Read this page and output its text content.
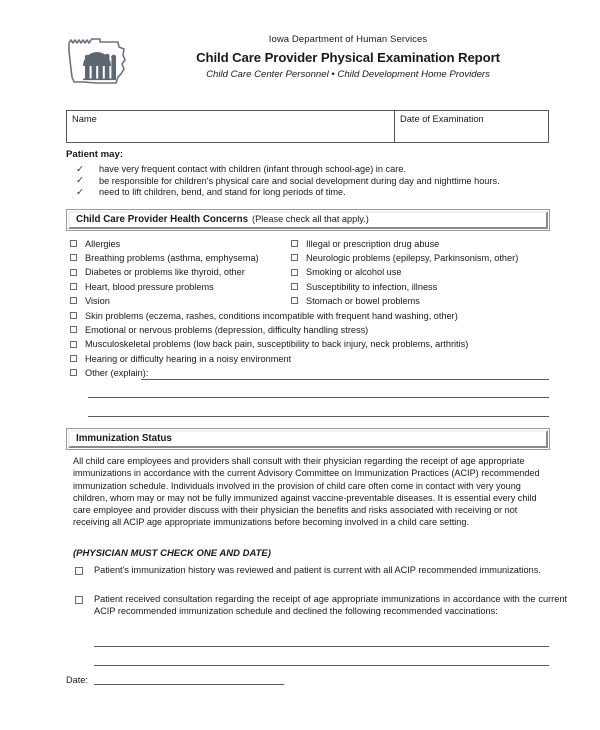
Iowa Department of Human Services
Child Care Provider Physical Examination Report
Child Care Center Personnel • Child Development Home Providers
Name	Date of Examination
Patient may:
✓ have very frequent contact with children (infant through school-age) in care.
✓ be responsible for children's physical care and social development during day and nighttime hours.
✓ need to lift children, bend, and stand for long periods of time.
Child Care Provider Health Concerns (Please check all that apply.)
Allergies
Breathing problems (asthma, emphysema)
Diabetes or problems like thyroid, other
Heart, blood pressure problems
Vision
Illegal or prescription drug abuse
Neurologic problems (epilepsy, Parkinsonism, other)
Smoking or alcohol use
Susceptibility to infection, illness
Stomach or bowel problems
Skin problems (eczema, rashes, conditions incompatible with frequent hand washing, other)
Emotional or nervous problems (depression, difficulty handling stress)
Musculoskeletal problems (low back pain, susceptibility to back injury, neck problems, arthritis)
Hearing or difficulty hearing in a noisy environment
Other (explain):
Immunization Status
All child care employees and providers shall consult with their physician regarding the receipt of age appropriate immunizations in accordance with the current Advisory Committee on Immunization Practices (ACIP) recommended immunization schedule. Individuals involved in the provision of child care often come in contact with very young children, whom may or may not be fully immunized against vaccine-preventable diseases. It is essential every child care employee and provider discuss with their physician the benefits and risks associated with receiving or not receiving all ACIP age appropriate immunizations before becoming involved in a child care setting.
(PHYSICIAN MUST CHECK ONE AND DATE)
Patient's immunization history was reviewed and patient is current with all ACIP recommended immunizations.
Patient received consultation regarding the receipt of age appropriate immunizations in accordance with the current ACIP recommended immunization schedule and declined the following recommended vaccinations:
Date:
